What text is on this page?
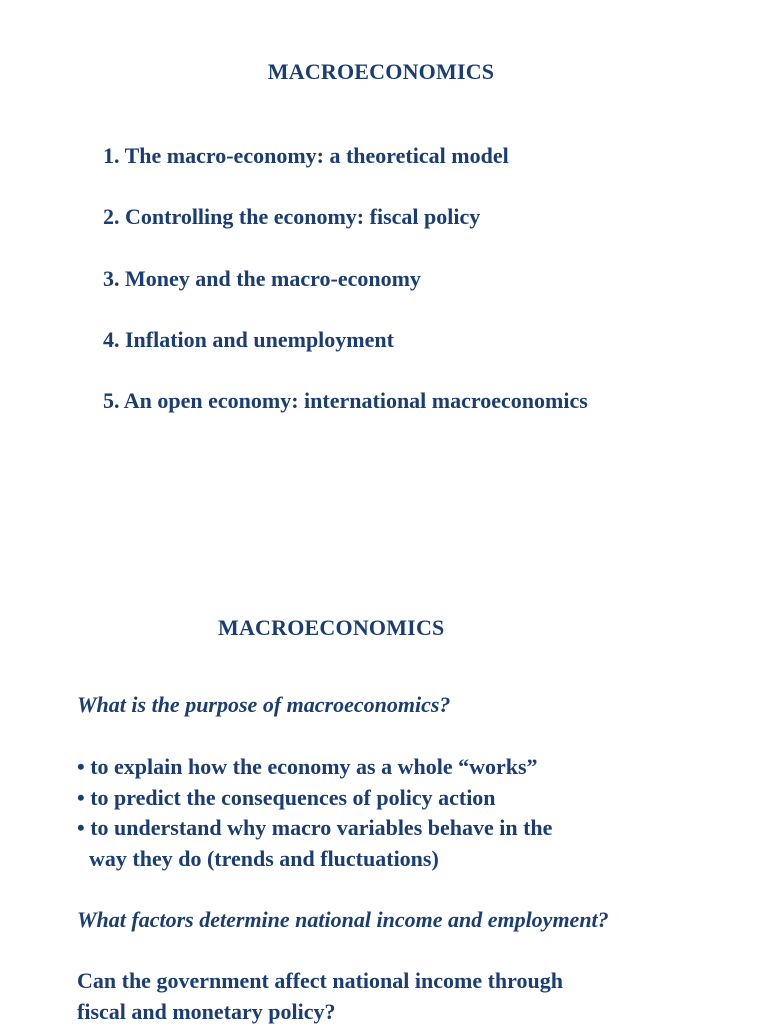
MACROECONOMICS
1. The macro-economy: a theoretical model
2. Controlling the economy: fiscal policy
3. Money and the macro-economy
4. Inflation and unemployment
5. An open economy: international macroeconomics
MACROECONOMICS
What is the purpose of macroeconomics?
• to explain how the economy as a whole “works”
• to predict the consequences of policy action
• to understand why macro variables behave in the
way they do (trends and fluctuations)
What factors determine national income and employment?
Can the government affect national income through
fiscal and monetary policy?
